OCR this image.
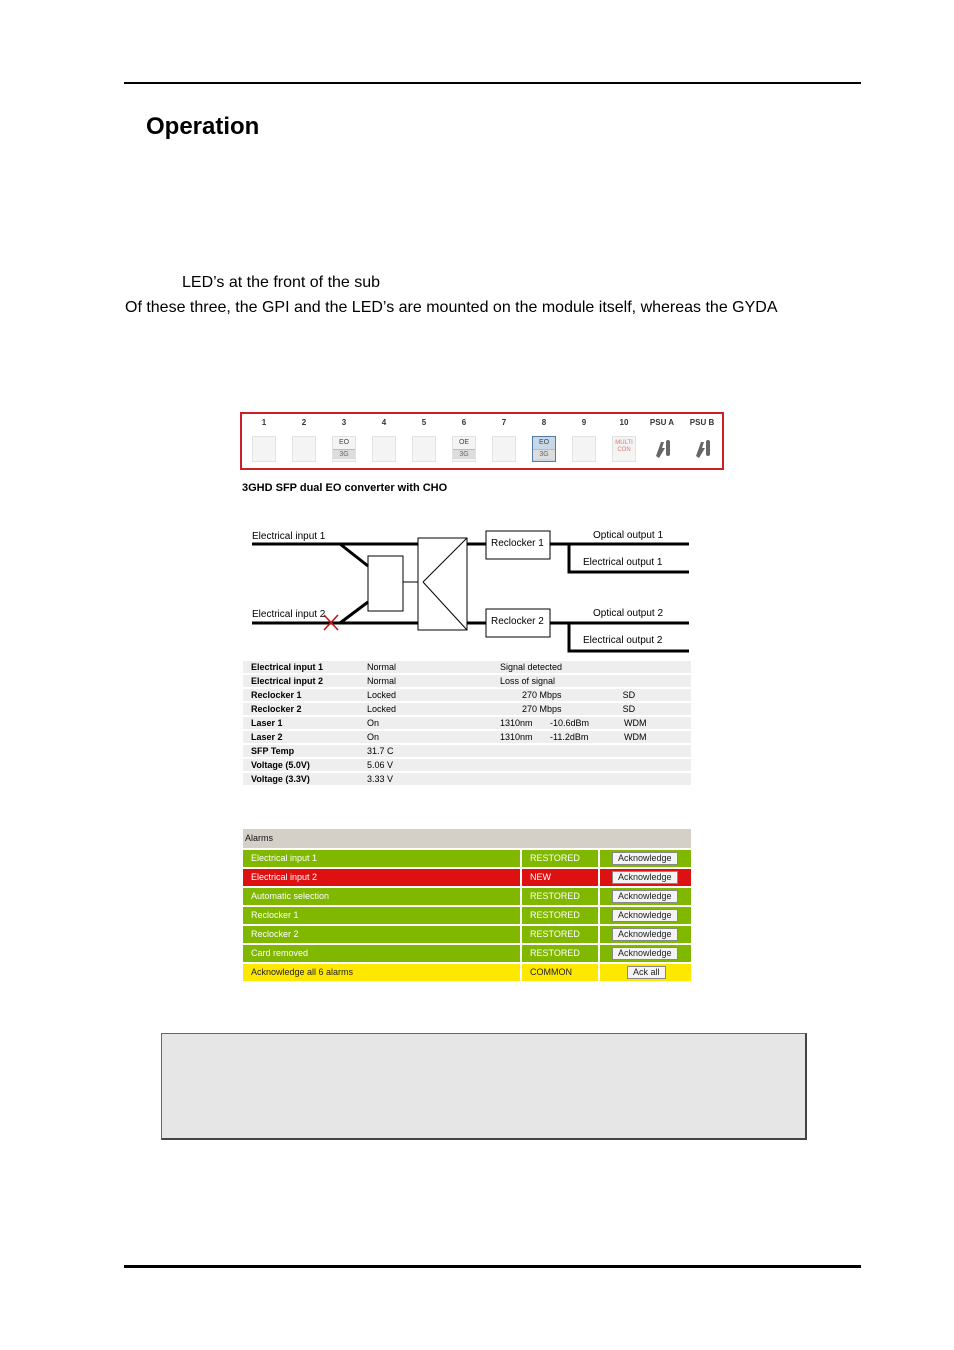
Operation
LED’s at the front of the sub
Of these three, the GPI and the LED’s are mounted on the module itself, whereas the GYDA
1	2	3
EO
3G
4	5	6
OE
3G
7	8
EO
3G
9	10
MULTI
CON
PSU A	PSU B
3GHD SFP dual EO converter with CHO
Electrical input 1
Electrical input 2
Reclocker 1
Reclocker 2
Optical output 1
Electrical output 1
Optical output 2
Electrical output 2
Electrical input 1	Normal	Signal detected		
Electrical input 2	Normal	Loss of signal		
Reclocker 1	Locked	270 Mbps		SD
Reclocker 2	Locked	270 Mbps		SD
Laser 1	On	1310nm	-10.6dBm WDM	

Laser 2	On	1310nm	-11.2dBm WDM	

SFP Temp	31.7 C			
Voltage (5.0V)	5.06 V			
Voltage (3.3V)	3.33 V			
Alarms
Electrical input 1	RESTORED	Acknowledge
Electrical input 2	NEW	Acknowledge
Automatic selection	RESTORED	Acknowledge
Reclocker 1	RESTORED	Acknowledge
Reclocker 2	RESTORED	Acknowledge
Card removed	RESTORED	Acknowledge
Acknowledge all 6 alarms	COMMON	Ack all
